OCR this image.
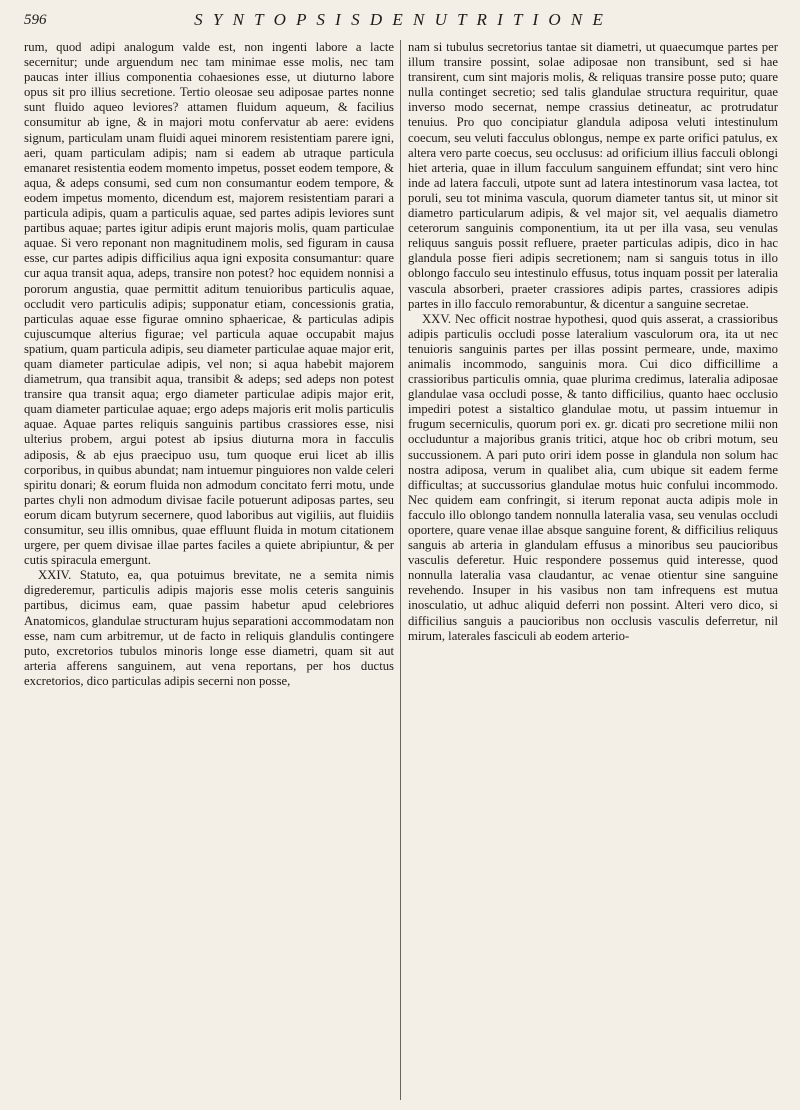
596	S Y N T O P S I S D E N U T R I T I O N E

rum, quod adipi analogum valde est, non ingenti labore a lacte secernitur; unde arguendum nec tam minimae esse molis, nec tam paucas inter illius componentia cohaesiones esse, ut diuturno labore opus sit pro illius secretione. Tertio oleosae seu adiposae partes nonne sunt fluido aqueo leviores? attamen fluidum aqueum, & facilius consumitur ab igne, & in majori motu confervatur ab aere: evidens signum, particulam unam fluidi aquei minorem resistentiam parere igni, aeri, quam particulam adipis; nam si eadem ab utraque particula emanaret resistentia eodem momento impetus, posset eodem tempore, & aqua, & adeps consumi, sed cum non consumantur eodem tempore, & eodem impetus momento, dicendum est, majorem resistentiam parari a particula adipis, quam a particulis aquae, sed partes adipis leviores sunt partibus aquae; partes igitur adipis erunt majoris molis, quam particulae aquae. Si vero reponant non magnitudinem molis, sed figuram in causa esse, cur partes adipis difficilius aqua igni exposita consumantur: quare cur aqua transit aqua, adeps, transire non potest? hoc equidem nonnisi a pororum angustia, quae permittit aditum tenuioribus particulis aquae, occludit vero particulis adipis; supponatur etiam, concessionis gratia, particulas aquae esse figurae omnino sphaericae, & particulas adipis cujuscumque alterius figurae; vel particula aquae occupabit majus spatium, quam particula adipis, seu diameter particulae aquae major erit, quam diameter particulae adipis, vel non; si aqua habebit majorem diametrum, qua transibit aqua, transibit & adeps; sed adeps non potest transire qua transit aqua; ergo diameter particulae adipis major erit, quam diameter particulae aquae; ergo adeps majoris erit molis particulis aquae. Aquae partes reliquis sanguinis partibus crassiores esse, nisi ulterius probem, argui potest ab ipsius diuturna mora in facculis adiposis, & ab ejus praecipuo usu, tum quoque erui licet ab illis corporibus, in quibus abundat; nam intuemur pinguiores non valde celeri spiritu donari; & eorum fluida non admodum concitato ferri motu, unde partes chyli non admodum divisae facile potuerunt adiposas partes, seu eorum dicam butyrum secernere, quod laboribus aut vigiliis, aut fluidiis consumitur, seu illis omnibus, quae effluunt fluida in motum citationem urgere, per quem divisae illae partes faciles a quiete abripiuntur, & per cutis spiracula emergunt.

XXIV. Statuto, ea, qua potuimus brevitate, ne a semita nimis digrederemur, particulis adipis majoris esse molis ceteris sanguinis partibus, dicimus eam, quae passim habetur apud celebriores Anatomicos, glandulae structuram hujus separationi accommodatam non esse, nam cum arbitremur, ut de facto in reliquis glandulis contingere puto, excretorios tubulos minoris longe esse diametri, quam sit aut arteria afferens sanguinem, aut vena reportans, per hos ductus excretorios, dico particulas adipis secerni non posse,

nam si tubulus secretorius tantae sit diametri, ut quaecumque partes per illum transire possint, solae adiposae non transibunt, sed si hae transirent, cum sint majoris molis, & reliquas transire posse puto; quare nulla continget secretio; sed talis glandulae structura requiritur, quae inverso modo secernat, nempe crassius detineatur, ac protrudatur tenuius. Pro quo concipiatur glandula adiposa veluti intestinulum coecum, seu veluti facculus oblongus, nempe ex parte orifici patulus, ex altera vero parte coecus, seu occlusus: ad orificium illius facculi oblongi hiet arteria, quae in illum facculum sanguinem effundat; sint vero hinc inde ad latera facculi, utpote sunt ad latera intestinorum vasa lactea, tot poruli, seu tot minima vascula, quorum diameter tantus sit, ut minor sit diametro particularum adipis, & vel major sit, vel aequalis diametro ceterorum sanguinis componentium, ita ut per illa vasa, seu venulas reliquus sanguis possit refluere, praeter particulas adipis, dico in hac glandula posse fieri adipis secretionem; nam si sanguis totus in illo oblongo facculo seu intestinulo effusus, totus inquam possit per lateralia vascula absorberi, praeter crassiores adipis partes, crassiores adipis partes in illo facculo remorabuntur, & dicentur a sanguine secretae.

XXV. Nec officit nostrae hypothesi, quod quis asserat, a crassioribus adipis particulis occludi posse lateralium vasculorum ora, ita ut nec tenuioris sanguinis partes per illas possint permeare, unde, maximo animalis incommodo, sanguinis mora. Cui dico difficillime a crassioribus particulis omnia, quae plurima credimus, lateralia adiposae glandulae vasa occludi posse, & tanto difficilius, quanto haec occlusio impediri potest a sistaltico glandulae motu, ut passim intuemur in frugum secerniculis, quorum pori ex. gr. dicati pro secretione milii non occluduntur a majoribus granis tritici, atque hoc ob cribri motum, seu succussionem. A pari puto oriri idem posse in glandula non solum hac nostra adiposa, verum in qualibet alia, cum ubique sit eadem ferme difficultas; at succussorius glandulae motus huic confului incommodo. Nec quidem eam confringit, si iterum reponat aucta adipis mole in facculo illo oblongo tandem nonnulla lateralia vasa, seu venulas occludi oportere, quare venae illae absque sanguine forent, & difficilius reliquus sanguis ab arteria in glandulam effusus a minoribus seu paucioribus vasculis deferetur. Huic respondere possemus quid interesse, quod nonnulla lateralia vasa claudantur, ac venae otientur sine sanguine revehendo. Insuper in his vasibus non tam infrequens est mutua inosculatio, ut adhuc aliquid deferri non possint. Alteri vero dico, si difficilius sanguis a paucioribus non occlusis vasculis deferretur, nil mirum, laterales fasciculi ab eodem arterio-
